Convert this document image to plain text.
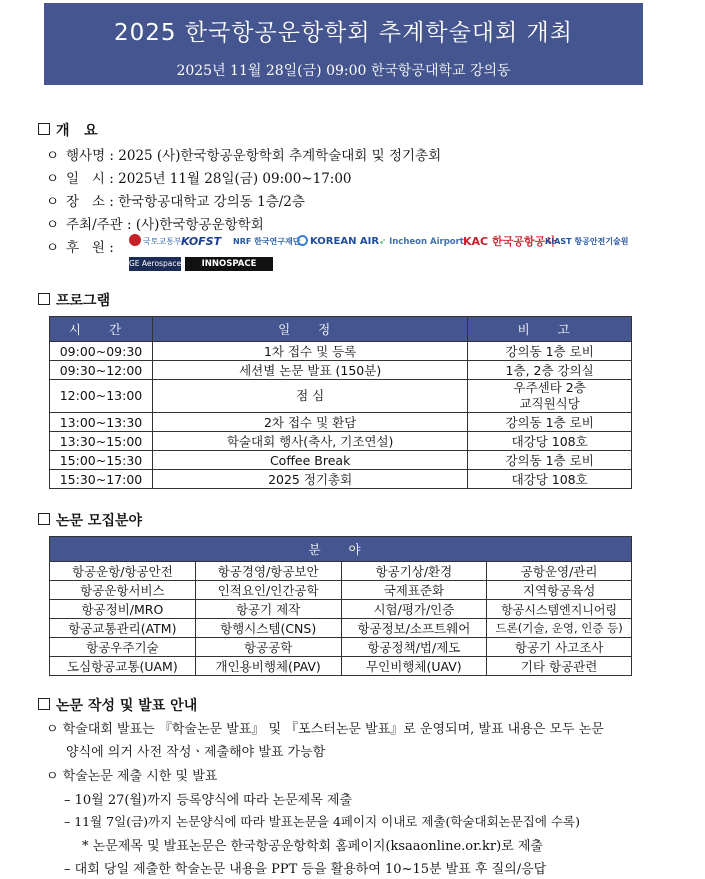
2025 한국항공운항학회 추계학술대회 개최
2025년 11월 28일(금) 09:00 한국항공대학교 강의동
개   요
ㅇ 행사명 : 2025 (사)한국항공운항학회 추계학술대회 및 정기총회
ㅇ 일   시 : 2025년 11월 28일(금) 09:00~17:00
ㅇ 장   소 : 한국항공대학교 강의동 1층/2층
ㅇ 주최/주관 : (사)한국항공운항학회
ㅇ 후   원 :	국토교통부 KOFST NRF 한국연구재단 KOREAN AIR ➶ Incheon Airport KAC 한국공항공사
KIAST 항공안전기술원
GE Aerospace	INNOSPACE
프로그램
시 간	일 정	비 고
09:00~09:30	1차 접수 및 등록	강의동 1층 로비
09:30~12:00	세션별 논문 발표 (150분)	1층, 2층 강의실
12:00~13:00	점 심	우주센타 2층
교직원식당
13:00~13:30	2차 접수 및 환담	강의동 1층 로비
13:30~15:00	학술대회 행사(축사, 기조연설)	대강당 108호
15:00~15:30	Coffee Break	강의동 1층 로비
15:30~17:00	2025 정기총회	대강당 108호
논문 모집분야
분 야			
항공운항/항공안전	항공경영/항공보안	항공기상/환경	공항운영/관리
항공운항서비스	인적요인/인간공학	국제표준화	지역항공육성
항공정비/MRO	항공기 제작	시험/평가/인증	항공시스템엔지니어링
항공교통관리(ATM)	항행시스템(CNS)	항공정보/소프트웨어	드론(기술, 운영, 인증 등)
항공우주기술	항공공학	항공정책/법/제도	항공기 사고조사
도심항공교통(UAM)	개인용비행체(PAV)	무인비행체(UAV)	기타 항공관련
논문 작성 및 발표 안내
ㅇ 학술대회 발표는 『학술논문 발표』 및 『포스터논문 발표』로 운영되며, 발표 내용은 모두 논문
양식에 의거 사전 작성ㆍ제출해야 발표 가능함
ㅇ 학술논문 제출 시한 및 발표
– 10월 27(월)까지 등록양식에 따라 논문제목 제출
– 11월 7일(금)까지 논문양식에 따라 발표논문을 4페이지 이내로 제출(학술대회논문집에 수록)
* 논문제목 및 발표논문은 한국항공운항학회 홈페이지(ksaaonline.or.kr)로 제출
– 대회 당일 제출한 학술논문 내용을 PPT 등을 활용하여 10~15분 발표 후 질의/응답
